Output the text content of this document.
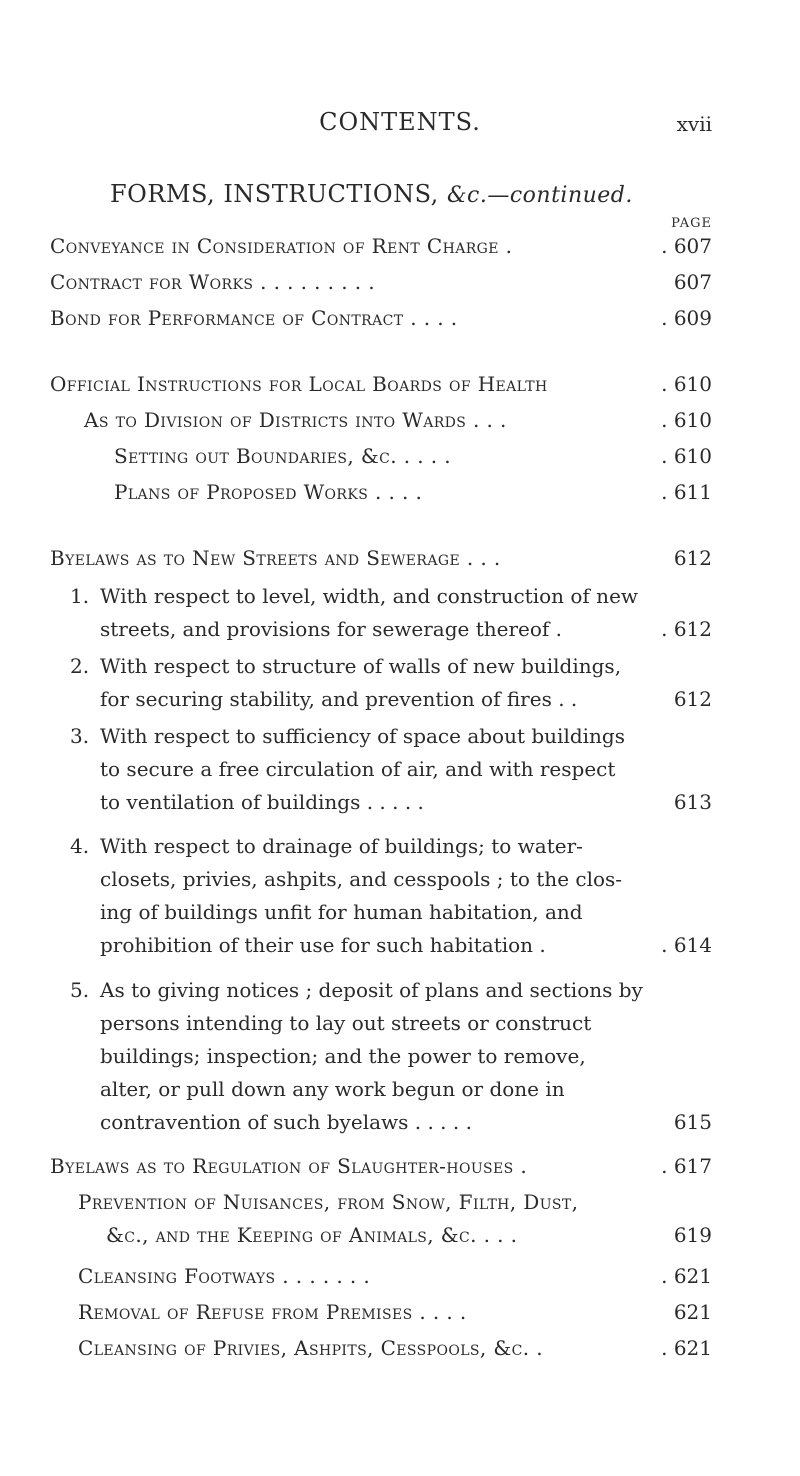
CONTENTS.	xvii
FORMS, INSTRUCTIONS, &c.—continued.
PAGE
Conveyance in Consideration of Rent Charge .	. 607
Contract for Works . . . . . . . . .	607
Bond for Performance of Contract . . . .	. 609
Official Instructions for Local Boards of Health	. 610
As to Division of Districts into Wards . . .	. 610
Setting out Boundaries, &c. . . . .	. 610
Plans of Proposed Works . . . .	. 611
Byelaws as to New Streets and Sewerage . . .	612
1. With respect to level, width, and construction of new
streets, and provisions for sewerage thereof .	. 612
2. With respect to structure of walls of new buildings,
for securing stability, and prevention of fires . .	612
3. With respect to sufficiency of space about buildings
to secure a free circulation of air, and with respect
to ventilation of buildings . . . . .	613
4. With respect to drainage of buildings; to water-
closets, privies, ashpits, and cesspools ; to the clos-
ing of buildings unfit for human habitation, and
prohibition of their use for such habitation .	. 614
5. As to giving notices ; deposit of plans and sections by
persons intending to lay out streets or construct
buildings; inspection; and the power to remove,
alter, or pull down any work begun or done in
contravention of such byelaws . . . . .	615
Byelaws as to Regulation of Slaughter-houses .	. 617
Prevention of Nuisances, from Snow, Filth, Dust,
&c., and the Keeping of Animals, &c. . . .	619
Cleansing Footways . . . . . . .	. 621
Removal of Refuse from Premises . . . .	621
Cleansing of Privies, Ashpits, Cesspools, &c. .	. 621
